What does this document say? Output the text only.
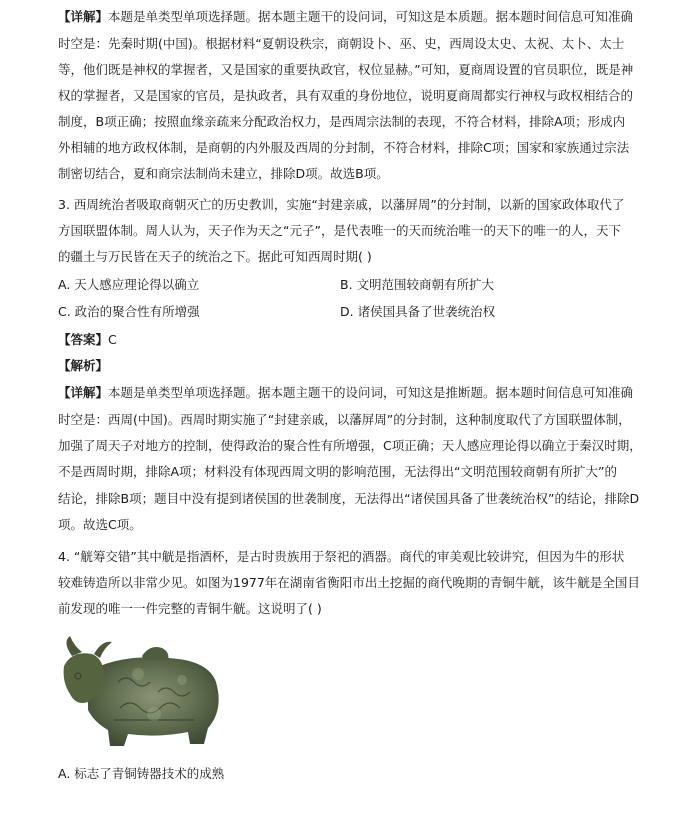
【详解】本题是单类型单项选择题。据本题主题干的设问词，可知这是本质题。据本题时间信息可知准确
时空是：先秦时期(中国)。根据材料“夏朝设秩宗，商朝设卜、巫、史，西周设太史、太祝、太卜、太士
等，他们既是神权的掌握者，又是国家的重要执政官，权位显赫。”可知，夏商周设置的官员职位，既是神
权的掌握者，又是国家的官员，是执政者，具有双重的身份地位，说明夏商周都实行神权与政权相结合的
制度，B项正确；按照血缘亲疏来分配政治权力，是西周宗法制的表现，不符合材料，排除A项；形成内
外相辅的地方政权体制，是商朝的内外服及西周的分封制，不符合材料，排除C项；国家和家族通过宗法
制密切结合，夏和商宗法制尚未建立，排除D项。故选B项。
3. 西周统治者吸取商朝灭亡的历史教训，实施“封建亲戚，以藩屏周”的分封制，以新的国家政体取代了
方国联盟体制。周人认为，天子作为天之“元子”，是代表唯一的天而统治唯一的天下的唯一的人，天下
的疆土与万民皆在天子的统治之下。据此可知西周时期( )
A. 天人感应理论得以确立	B. 文明范围较商朝有所扩大
C. 政治的聚合性有所增强	D. 诸侯国具备了世袭统治权
【答案】C
【解析】
【详解】本题是单类型单项选择题。据本题主题干的设问词，可知这是推断题。据本题时间信息可知准确
时空是：西周(中国)。西周时期实施了“封建亲戚，以藩屏周”的分封制，这种制度取代了方国联盟体制，
加强了周天子对地方的控制，使得政治的聚合性有所增强，C项正确；天人感应理论得以确立于秦汉时期，
不是西周时期，排除A项；材料没有体现西周文明的影响范围，无法得出“文明范围较商朝有所扩大”的
结论，排除B项；题目中没有提到诸侯国的世袭制度，无法得出“诸侯国具备了世袭统治权”的结论，排除D
项。故选C项。
4. “觥筹交错”其中觥是指酒杯，是古时贵族用于祭祀的酒器。商代的审美观比较讲究，但因为牛的形状
较难铸造所以非常少见。如图为1977年在湖南省衡阳市出土挖掘的商代晚期的青铜牛觥，该牛觥是全国目
前发现的唯一一件完整的青铜牛觥。这说明了( )
A. 标志了青铜铸器技术的成熟
